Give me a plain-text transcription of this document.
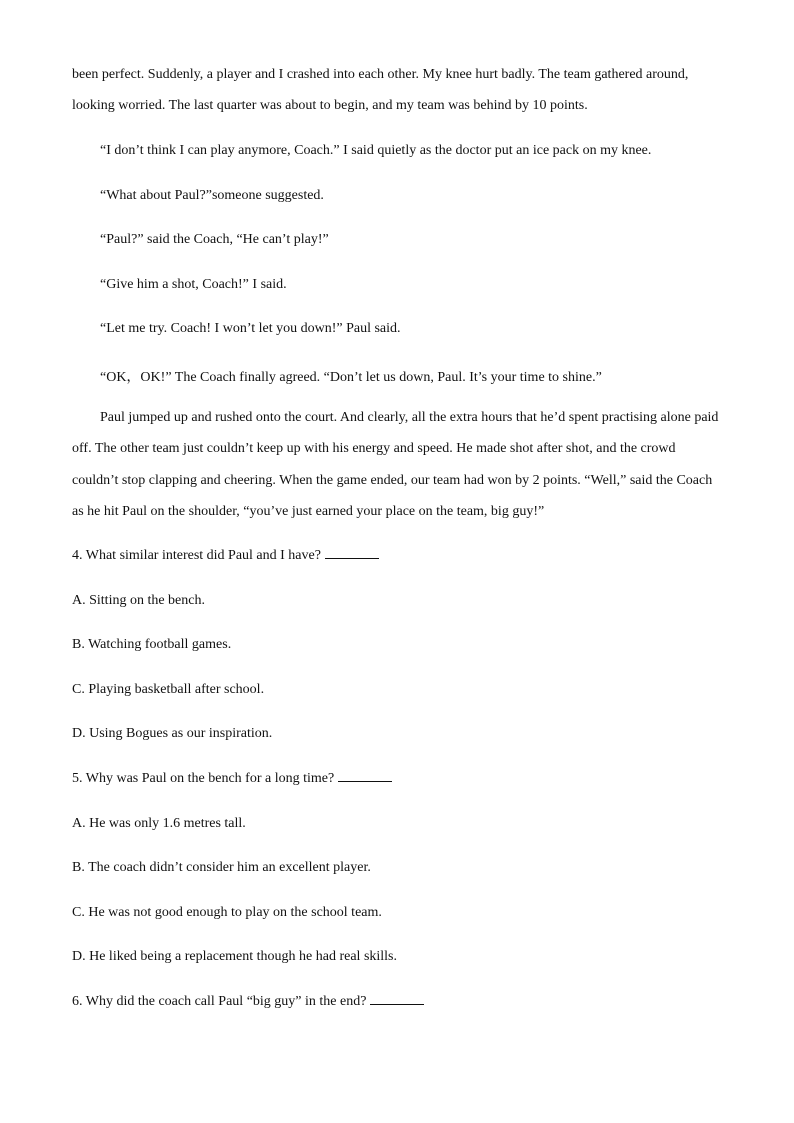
been perfect. Suddenly, a player and I crashed into each other. My knee hurt badly. The team gathered around,

looking worried. The last quarter was about to begin, and my team was behind by 10 points.

“I don’t think I can play anymore, Coach.” I said quietly as the doctor put an ice pack on my knee.

“What about Paul?”someone suggested.

“Paul?” said the Coach, “He can’t play!”

“Give him a shot, Coach!” I said.

“Let me try. Coach! I won’t let you down!” Paul said.

“OK，OK!” The Coach finally agreed. “Don’t let us down, Paul. It’s your time to shine.”

Paul jumped up and rushed onto the court. And clearly, all the extra hours that he’d spent practising alone paid

off. The other team just couldn’t keep up with his energy and speed. He made shot after shot, and the crowd

couldn’t stop clapping and cheering. When the game ended, our team had won by 2 points. “Well,” said the Coach

as he hit Paul on the shoulder, “you’ve just earned your place on the team, big guy!”

4. What similar interest did Paul and I have?

A. Sitting on the bench.

B. Watching football games.

C. Playing basketball after school.

D. Using Bogues as our inspiration.

5. Why was Paul on the bench for a long time?

A. He was only 1.6 metres tall.

B. The coach didn’t consider him an excellent player.

C. He was not good enough to play on the school team.

D. He liked being a replacement though he had real skills.

6. Why did the coach call Paul “big guy” in the end?
